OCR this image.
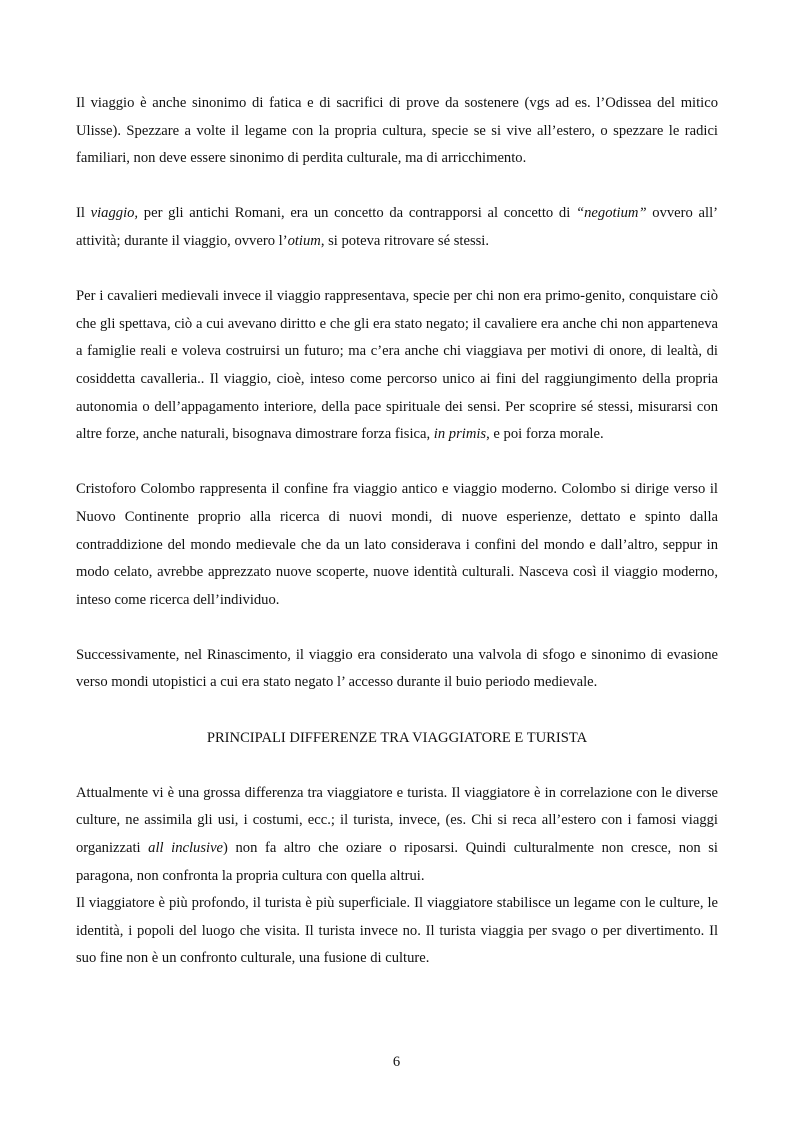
Il viaggio è anche sinonimo di fatica e di sacrifici di prove da sostenere (vgs ad es. l’Odissea del mitico Ulisse). Spezzare a volte il legame con la propria cultura, specie se si vive all’estero, o spezzare le radici familiari, non deve essere sinonimo di perdita culturale, ma di arricchimento.

Il viaggio, per gli antichi Romani, era un concetto da contrapporsi al concetto di “negotium” ovvero all’ attività; durante il viaggio, ovvero l’otium, si poteva ritrovare sé stessi.

Per i cavalieri medievali invece il viaggio rappresentava, specie per chi non era primo-genito, conquistare ciò che gli spettava, ciò a cui avevano diritto e che gli era stato negato; il cavaliere era anche chi non apparteneva a famiglie reali e voleva costruirsi un futuro; ma c’era anche chi viaggiava per motivi di onore, di lealtà, di cosiddetta cavalleria.. Il viaggio, cioè, inteso come percorso unico ai fini del raggiungimento della propria autonomia o dell’appagamento interiore, della pace spirituale dei sensi. Per scoprire sé stessi, misurarsi con altre forze, anche naturali, bisognava dimostrare forza fisica, in primis, e poi forza morale.

Cristoforo Colombo rappresenta il confine fra viaggio antico e viaggio moderno. Colombo si dirige verso il Nuovo Continente proprio alla ricerca di nuovi mondi, di nuove esperienze, dettato e spinto dalla contraddizione del mondo medievale che da un lato considerava i confini del mondo e dall’altro, seppur in modo celato, avrebbe apprezzato nuove scoperte, nuove identità culturali. Nasceva così il viaggio moderno, inteso come ricerca dell’individuo.

Successivamente, nel Rinascimento, il viaggio era considerato una valvola di sfogo e sinonimo di evasione verso mondi utopistici a cui era stato negato l’ accesso durante il buio periodo medievale.

PRINCIPALI DIFFERENZE TRA VIAGGIATORE E TURISTA

Attualmente vi è una grossa differenza tra viaggiatore e turista. Il viaggiatore è in correlazione con le diverse culture, ne assimila gli usi, i costumi, ecc.; il turista, invece, (es. Chi si reca all’estero con i famosi viaggi organizzati all inclusive) non fa altro che oziare o riposarsi. Quindi culturalmente non cresce, non si paragona, non confronta la propria cultura con quella altrui.

Il viaggiatore è più profondo, il turista è più superficiale. Il viaggiatore stabilisce un legame con le culture, le identità, i popoli del luogo che visita. Il turista invece no. Il turista viaggia per svago o per divertimento. Il suo fine non è un confronto culturale, una fusione di culture.

6
